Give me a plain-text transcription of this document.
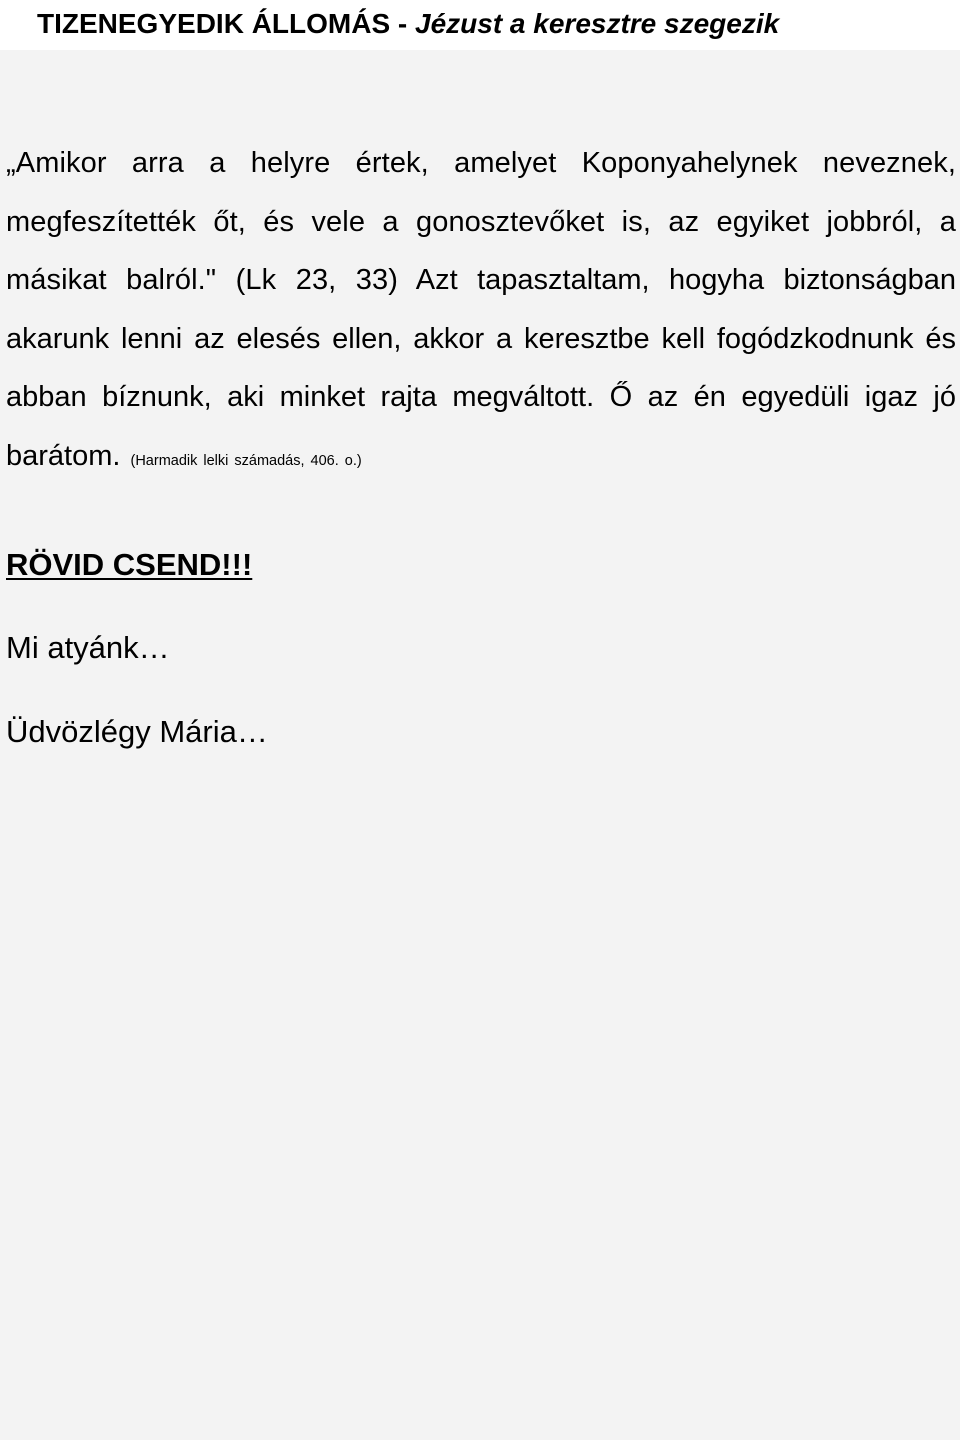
TIZENEGYEDIK ÁLLOMÁS - Jézust a keresztre szegezik

„Amikor arra a helyre értek, amelyet Koponyahelynek neveznek, megfeszítették őt, és vele a gonosztevőket is, az egyiket jobbról, a másikat balról." (Lk 23, 33) Azt tapasztaltam, hogyha biztonságban akarunk lenni az elesés ellen, akkor a keresztbe kell fogódzkodnunk és abban bíznunk, aki minket rajta megváltott. Ő az én egyedüli igaz jó barátom. (Harmadik lelki számadás, 406. o.)

RÖVID CSEND!!!

Mi atyánk…

Üdvözlégy Mária…
